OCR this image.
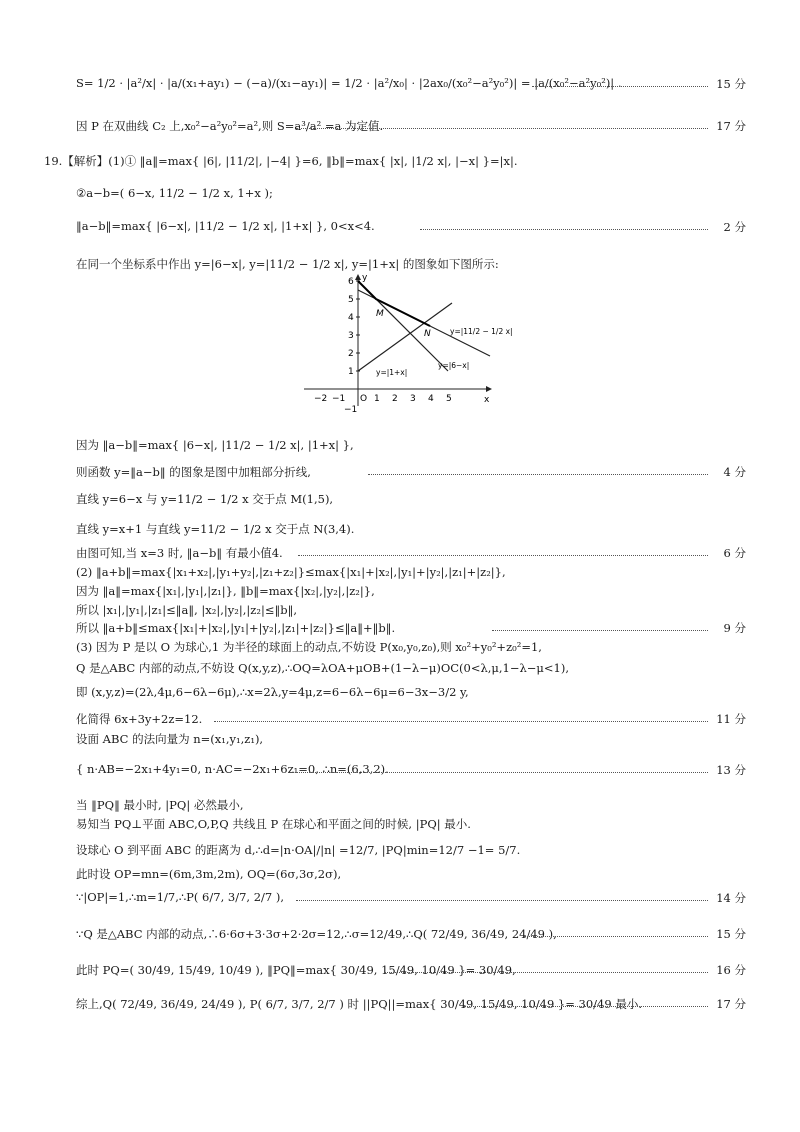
S= 1/2 · |a²/x| · |a/(x₁+ay₁) − (−a)/(x₁−ay₁)| = 1/2 · |a²/x₀| · |2ax₀/(x₀²−a²y₀²)| = |a/(x₀²−a²y₀²)| .	15 分
因 P 在双曲线 C₂ 上,x₀²−a²y₀²=a²,则 S=a³/a² =a 为定值.	17 分
19.【解析】(1)① ‖a‖=max{ |6|, |11/2|, |−4| }=6, ‖b‖=max{ |x|, |1/2 x|, |−x| }=|x|.
②a−b=( 6−x, 11/2 − 1/2 x, 1+x );
‖a−b‖=max{ |6−x|, |11/2 − 1/2 x|, |1+x| }, 0<x<4.	2 分
在同一个坐标系中作出 y=|6−x|, y=|11/2 − 1/2 x|, y=|1+x| 的图象如下图所示:
因为 ‖a−b‖=max{ |6−x|, |11/2 − 1/2 x|, |1+x| },
则函数 y=‖a−b‖ 的图象是图中加粗部分折线,	4 分
直线 y=6−x 与 y=11/2 − 1/2 x 交于点 M(1,5),
直线 y=x+1 与直线 y=11/2 − 1/2 x 交于点 N(3,4).
由图可知,当 x=3 时, ‖a−b‖ 有最小值4.	6 分
(2) ‖a+b‖=max{|x₁+x₂|,|y₁+y₂|,|z₁+z₂|}≤max{|x₁|+|x₂|,|y₁|+|y₂|,|z₁|+|z₂|},
因为 ‖a‖=max{|x₁|,|y₁|,|z₁|}, ‖b‖=max{|x₂|,|y₂|,|z₂|},
所以 |x₁|,|y₁|,|z₁|≤‖a‖, |x₂|,|y₂|,|z₂|≤‖b‖,
所以 ‖a+b‖≤max{|x₁|+|x₂|,|y₁|+|y₂|,|z₁|+|z₂|}≤‖a‖+‖b‖.	9 分
(3) 因为 P 是以 O 为球心,1 为半径的球面上的动点,不妨设 P(x₀,y₀,z₀),则 x₀²+y₀²+z₀²=1,
Q 是△ABC 内部的动点,不妨设 Q(x,y,z),∴OQ=λOA+μOB+(1−λ−μ)OC(0<λ,μ,1−λ−μ<1),
即 (x,y,z)=(2λ,4μ,6−6λ−6μ),∴x=2λ,y=4μ,z=6−6λ−6μ=6−3x−3/2 y,
化简得 6x+3y+2z=12.	11 分
设面 ABC 的法向量为 n=(x₁,y₁,z₁),
{ n·AB=−2x₁+4y₁=0, n·AC=−2x₁+6z₁=0, ∴n=(6,3,2).	13 分
当 ‖PQ‖ 最小时, |PQ| 必然最小,
易知当 PQ⊥平面 ABC,O,P,Q 共线且 P 在球心和平面之间的时候, |PQ| 最小.
设球心 O 到平面 ABC 的距离为 d,∴d=|n·OA|/|n| =12/7, |PQ|min=12/7 −1= 5/7.
此时设 OP=mn=(6m,3m,2m), OQ=(6σ,3σ,2σ),
∵|OP|=1,∴m=1/7,∴P( 6/7, 3/7, 2/7 ),	14 分
∵Q 是△ABC 内部的动点,∴6·6σ+3·3σ+2·2σ=12,∴σ=12/49,∴Q( 72/49, 36/49, 24/49 ),	15 分
此时 PQ=( 30/49, 15/49, 10/49 ), ‖PQ‖=max{ 30/49, 15/49, 10/49 }= 30/49,	16 分
综上,Q( 72/49, 36/49, 24/49 ), P( 6/7, 3/7, 2/7 ) 时 ||PQ||=max{ 30/49, 15/49, 10/49 }= 30/49 最小.	17 分
y
x
1
2
3
4
5
6
−2 −1 O 1 2 3 4 5
−1
M
N	y=|11/2 − 1/2 x|
y=|6−x|
y=|1+x|
